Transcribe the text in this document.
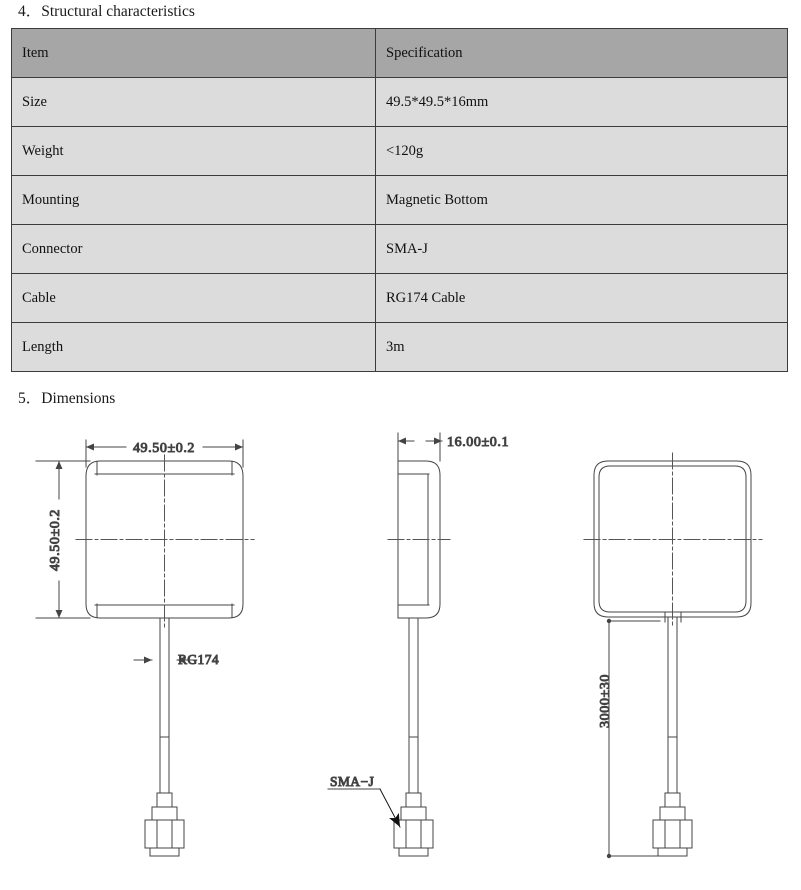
4．Structural characteristics
Item	Specification
Size	49.5*49.5*16mm
Weight	<120g
Mounting	Magnetic Bottom
Connector	SMA-J
Cable	RG174 Cable
Length	3m
5．Dimensions
49.50±0.2
49.50±0.2
RG174
16.00±0.1
SMA−J
3000±30
